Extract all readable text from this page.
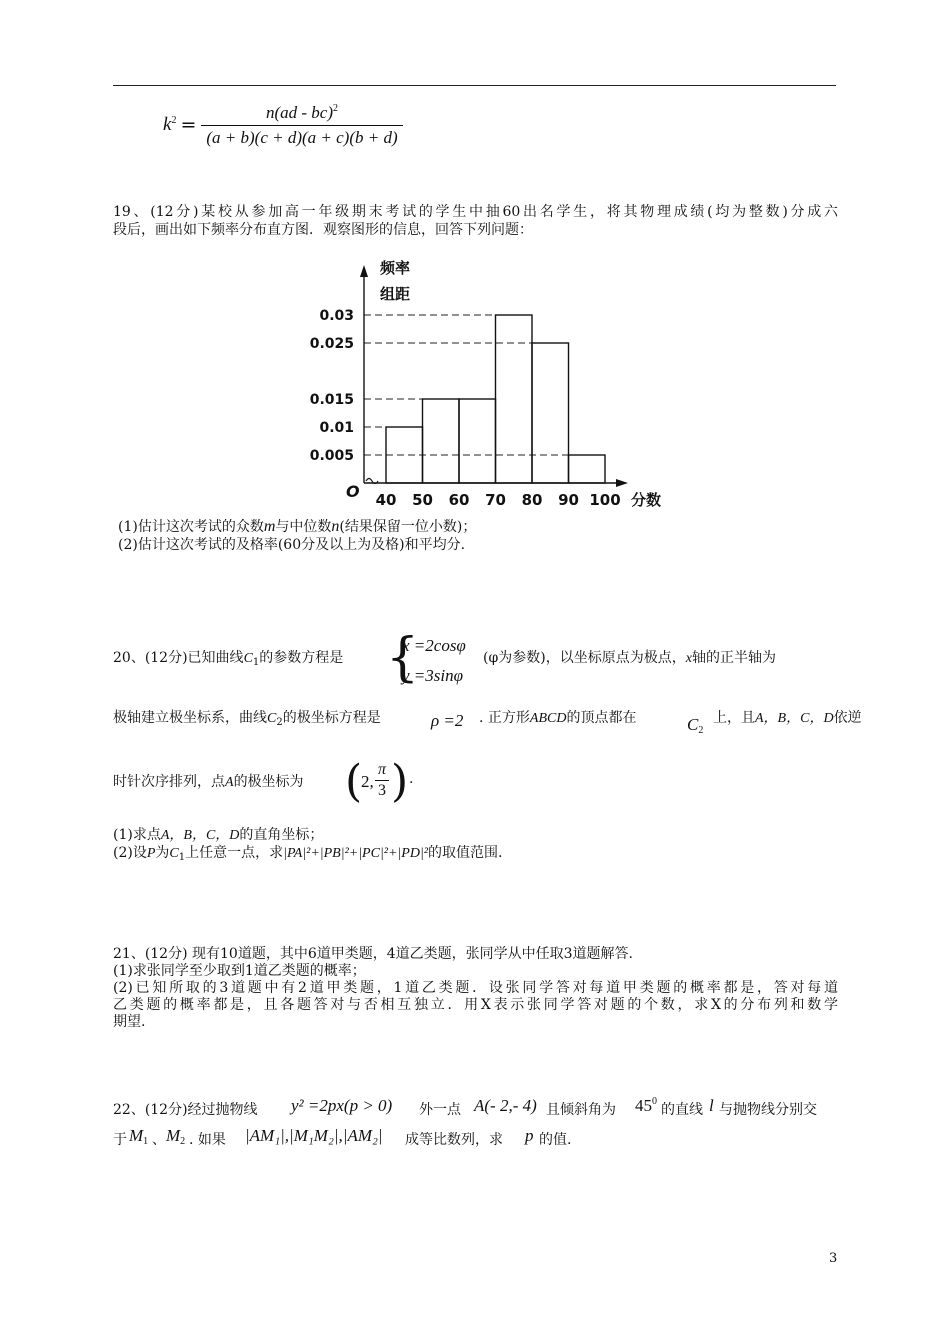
$k^2 = \frac{n(ad - bc)^2}{(a + b)(c + d)(a + c)(b + d)}$
19、(12分)某校从参加高一年级期末考试的学生中抽60出名学生，将其物理成绩(均为整数)分成六
段后，画出如下频率分布直方图．观察图形的信息，回答下列问题：
40 50 60 70 80 90 100
0.03
0.025
0.015
0.01
0.005
频率
组距
分数
O
(1)估计这次考试的众数m与中位数n(结果保留一位小数)；
(2)估计这次考试的及格率(60分及以上为及格)和平均分.
20、(12分)已知曲线$C_1$的参数方程是 {
x =2cosφ
y =3sinφ
(φ为参数)，以坐标原点为极点，x轴的正半轴为
极轴建立极坐标系，曲线$C_2$的极坐标方程是	ρ =2 . 正方形ABCD的顶点都在	$C_2$
上，且A，B，C，D依逆
时针次序排列，点A的极坐标为 (
2, $\frac{\pi}{3}$ ) .
(1)求点A，B，C，D的直角坐标；
(2)设P为$C_1$上任意一点，求|PA|²+|PB|²+|PC|²+|PD|²的取值范围.
21、(12分) 现有10道题，其中6道甲类题，4道乙类题，张同学从中任取3道题解答.
(1)求张同学至少取到1道乙类题的概率；
(2)已知所取的3道题中有2道甲类题，1道乙类题．设张同学答对每道甲类题的概率都是，答对每道
乙类题的概率都是，且各题答对与否相互独立．用X表示张同学答对题的个数，求X的分布列和数学
期望.
22、(12分)经过抛物线 y² =2px(p > 0) 外一点 A(- 2,- 4) 且倾斜角为 $45^0$
的直线 l 与抛物线分别交
于 $M_1$ 、 $M_2$ . 如果 |AM₁|,|M₁M₂|,|AM₂| 成等比数列，求 p 的值.
3
